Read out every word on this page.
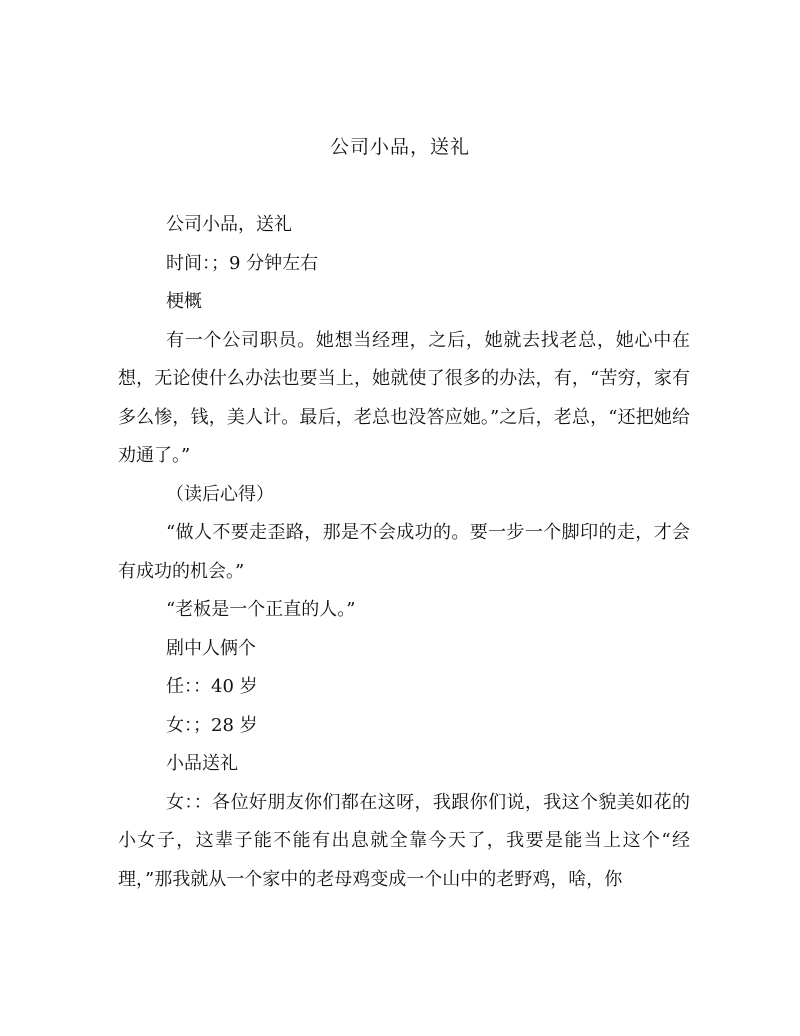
公司小品，送礼

公司小品，送礼

时间：；9 分钟左右

梗概

有一个公司职员。她想当经理，之后，她就去找老总，她心中在想，无论使什么办法也要当上，她就使了很多的办法，有，“苦穷，家有多么惨，钱，美人计。最后，老总也没答应她。”之后，老总，“还把她给劝通了。”

（读后心得）

“做人不要走歪路，那是不会成功的。要一步一个脚印的走，才会有成功的机会。”

“老板是一个正直的人。”

剧中人俩个

任：：40 岁

女：；28 岁

小品送礼

女：：各位好朋友你们都在这呀，我跟你们说，我这个貌美如花的小女子，这辈子能不能有出息就全靠今天了，我要是能当上这个“经理，”那我就从一个家中的老母鸡变成一个山中的老野鸡，啥，你
